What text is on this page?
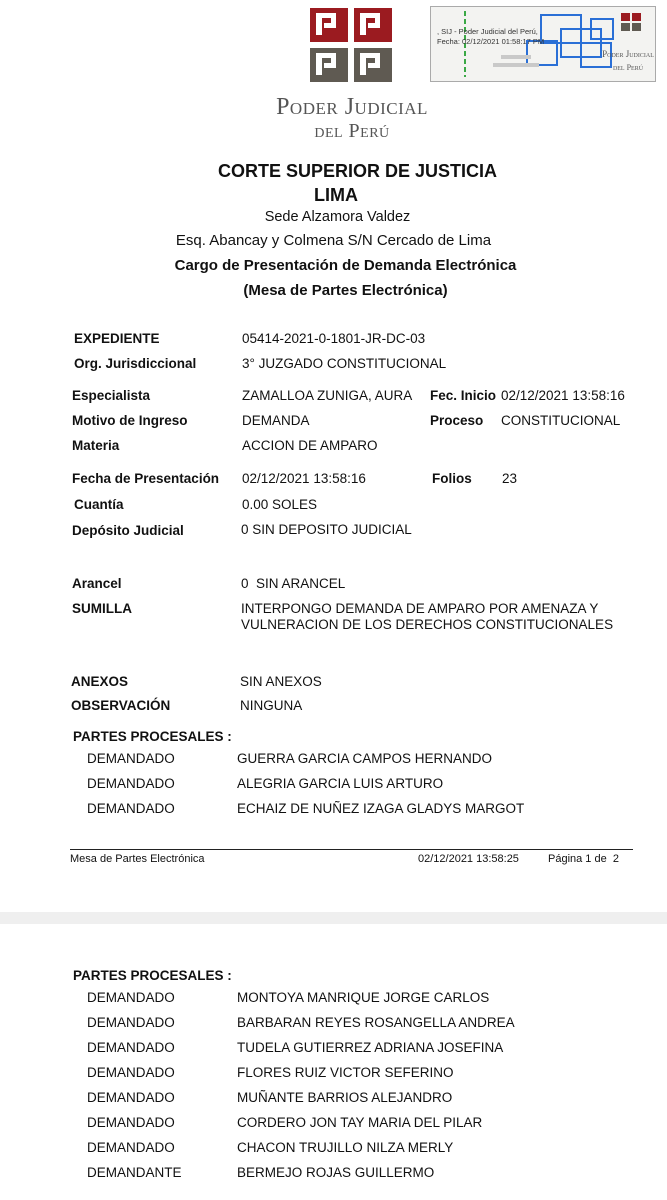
Poder Judicial
del Perú
, SIJ - Poder Judicial del Perú,
Fecha: 02/12/2021 01:58:17 PM
Poder Judicial
del Perú
CORTE SUPERIOR DE JUSTICIA
LIMA
Sede Alzamora Valdez
Esq. Abancay y Colmena S/N Cercado de Lima
Cargo de Presentación de Demanda Electrónica
(Mesa de Partes Electrónica)
EXPEDIENTE	05414-2021-0-1801-JR-DC-03
Org. Jurisdiccional	3° JUZGADO CONSTITUCIONAL
Especialista	ZAMALLOA ZUNIGA, AURA Fec. Inicio 02/12/2021 13:58:16
Motivo de Ingreso	DEMANDA	Proceso CONSTITUCIONAL
Materia	ACCION DE AMPARO
Fecha de Presentación 02/12/2021 13:58:16	Folios 23
Cuantía	0.00 SOLES
Depósito Judicial	0 SIN DEPOSITO JUDICIAL
Arancel	0  SIN ARANCEL
SUMILLA	INTERPONGO DEMANDA DE AMPARO POR AMENAZA Y
VULNERACION DE LOS DERECHOS CONSTITUCIONALES
ANEXOS	SIN ANEXOS
OBSERVACIÓN	NINGUNA
PARTES PROCESALES :
DEMANDADO	GUERRA GARCIA CAMPOS HERNANDO
DEMANDADO	ALEGRIA GARCIA LUIS ARTURO
DEMANDADO	ECHAIZ DE NUÑEZ IZAGA GLADYS MARGOT
Mesa de Partes Electrónica	02/12/2021 13:58:25	Página 1 de  2
PARTES PROCESALES :
DEMANDADO	MONTOYA MANRIQUE JORGE CARLOS
DEMANDADO	BARBARAN REYES ROSANGELLA ANDREA
DEMANDADO	TUDELA GUTIERREZ ADRIANA JOSEFINA
DEMANDADO	FLORES RUIZ VICTOR SEFERINO
DEMANDADO	MUÑANTE BARRIOS ALEJANDRO
DEMANDADO	CORDERO JON TAY MARIA DEL PILAR
DEMANDADO	CHACON TRUJILLO NILZA MERLY
DEMANDANTE	BERMEJO ROJAS GUILLERMO
